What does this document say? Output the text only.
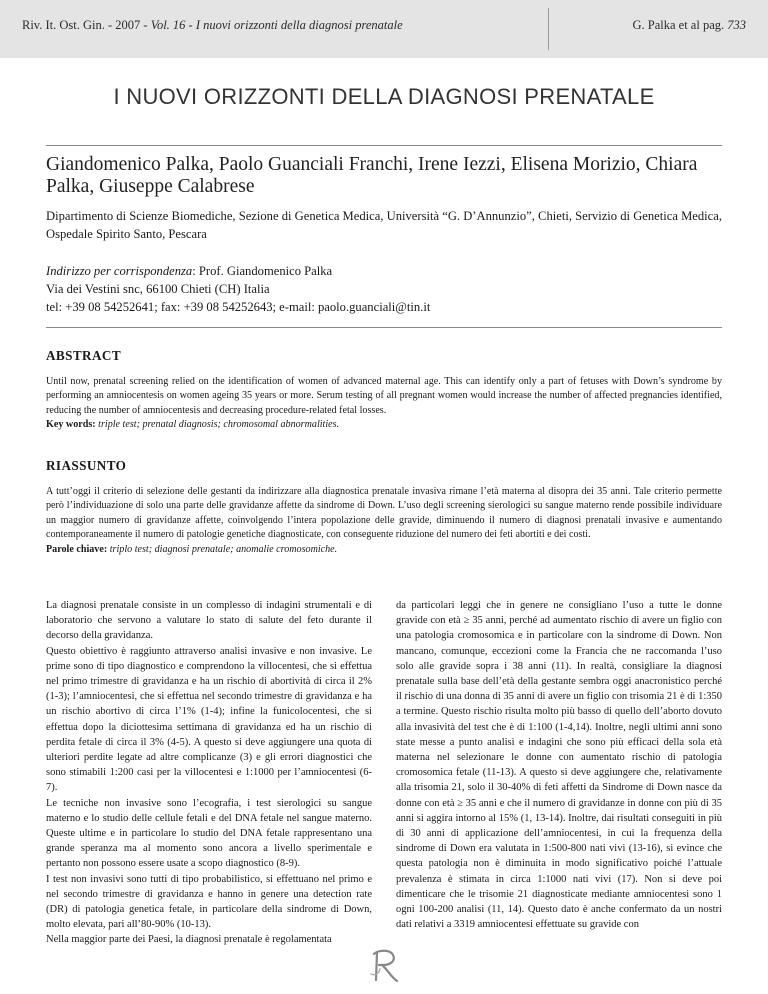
Riv. It. Ost. Gin. - 2007 - Vol. 16 - I nuovi orizzonti della diagnosi prenatale	G. Palka et al pag. 733
I NUOVI ORIZZONTI DELLA DIAGNOSI PRENATALE
Giandomenico Palka, Paolo Guanciali Franchi, Irene Iezzi, Elisena Morizio, Chiara Palka, Giuseppe Calabrese
Dipartimento di Scienze Biomediche, Sezione di Genetica Medica, Università “G. D’Annunzio”, Chieti, Servizio di Genetica Medica, Ospedale Spirito Santo, Pescara
Indirizzo per corrispondenza: Prof. Giandomenico Palka
Via dei Vestini snc, 66100 Chieti (CH) Italia
tel: +39 08 54252641; fax: +39 08 54252643; e-mail: paolo.guanciali@tin.it
ABSTRACT
Until now, prenatal screening relied on the identification of women of advanced maternal age. This can identify only a part of fetuses with Down’s syndrome by performing an amniocentesis on women ageing 35 years or more. Serum testing of all pregnant women would increase the number of affected pregnancies identified, reducing the number of amniocentesis and decreasing procedure-related fetal losses.
Key words: triple test; prenatal diagnosis; chromosomal abnormalities.
RIASSUNTO
A tutt’oggi il criterio di selezione delle gestanti da indirizzare alla diagnostica prenatale invasiva rimane l’età materna al disopra dei 35 anni. Tale criterio permette però l’individuazione di solo una parte delle gravidanze affette da sindrome di Down. L’uso degli screening sierologici su sangue materno rende possibile individuare un maggior numero di gravidanze affette, coinvolgendo l’intera popolazione delle gravide, diminuendo il numero di diagnosi prenatali invasive e aumentando contemporaneamente il numero di patologie genetiche diagnosticate, con conseguente riduzione del numero dei feti abortiti e dei costi.
Parole chiave: triplo test; diagnosi prenatale; anomalie cromosomiche.

La diagnosi prenatale consiste in un complesso di indagini strumentali e di laboratorio che servono a valutare lo stato di salute del feto durante il decorso della gravidanza.

Questo obiettivo è raggiunto attraverso analisi invasive e non invasive. Le prime sono di tipo diagnostico e comprendono la villocentesi, che si effettua nel primo trimestre di gravidanza e ha un rischio di abortività di circa il 2% (1-3); l’amniocentesi, che si effettua nel secondo trimestre di gravidanza e ha un rischio abortivo di circa l’1% (1-4); infine la funicolocentesi, che si effettua dopo la diciottesima settimana di gravidanza ed ha un rischio di perdita fetale di circa il 3% (4-5). A questo si deve aggiungere una quota di ulteriori perdite legate ad altre complicanze (3) e gli errori diagnostici che sono stimabili 1:200 casi per la villocentesi e 1:1000 per l’amniocentesi (6-7).

Le tecniche non invasive sono l’ecografia, i test sierologici su sangue materno e lo studio delle cellule fetali e del DNA fetale nel sangue materno. Queste ultime e in particolare lo studio del DNA fetale rappresentano una grande speranza ma al momento sono ancora a livello sperimentale e pertanto non possono essere usate a scopo diagnostico (8-9).

I test non invasivi sono tutti di tipo probabilistico, si effettuano nel primo e nel secondo trimestre di gravidanza e hanno in genere una detection rate (DR) di patologia genetica fetale, in particolare della sindrome di Down, molto elevata, pari all’80-90% (10-13).

Nella maggior parte dei Paesi, la diagnosi prenatale è regolamentata

da particolari leggi che in genere ne consigliano l’uso a tutte le donne gravide con età ≥ 35 anni, perché ad aumentato rischio di avere un figlio con una patologia cromosomica e in particolare con la sindrome di Down. Non mancano, comunque, eccezioni come la Francia che ne raccomanda l’uso solo alle gravide sopra i 38 anni (11). In realtà, consigliare la diagnosi prenatale sulla base dell’età della gestante sembra oggi anacronistico perché il rischio di una donna di 35 anni di avere un figlio con trisomia 21 è di 1:350 a termine. Questo rischio risulta molto più basso di quello dell’aborto dovuto alla invasività del test che è di 1:100 (1-4,14). Inoltre, negli ultimi anni sono state messe a punto analisi e indagini che sono più efficaci della sola età materna nel selezionare le donne con aumentato rischio di patologia cromosomica fetale (11-13). A questo si deve aggiungere che, relativamente alla trisomia 21, solo il 30-40% di feti affetti da Sindrome di Down nasce da donne con età ≥ 35 anni e che il numero di gravidanze in donne con più di 35 anni si aggira intorno al 15% (1, 13-14). Inoltre, dai risultati conseguiti in più di 30 anni di applicazione dell’amniocentesi, in cui la frequenza della sindrome di Down era valutata in 1:500-800 nati vivi (13-16), si evince che questa patologia non è diminuita in modo significativo poiché l’attuale prevalenza è stimata in circa 1:1000 nati vivi (17). Non si deve poi dimenticare che le trisomie 21 diagnosticate mediante amniocentesi sono 1 ogni 100-200 analisi (11, 14). Questo dato è anche confermato da un nostri dati relativi a 3319 amniocentesi effettuate su gravide con
